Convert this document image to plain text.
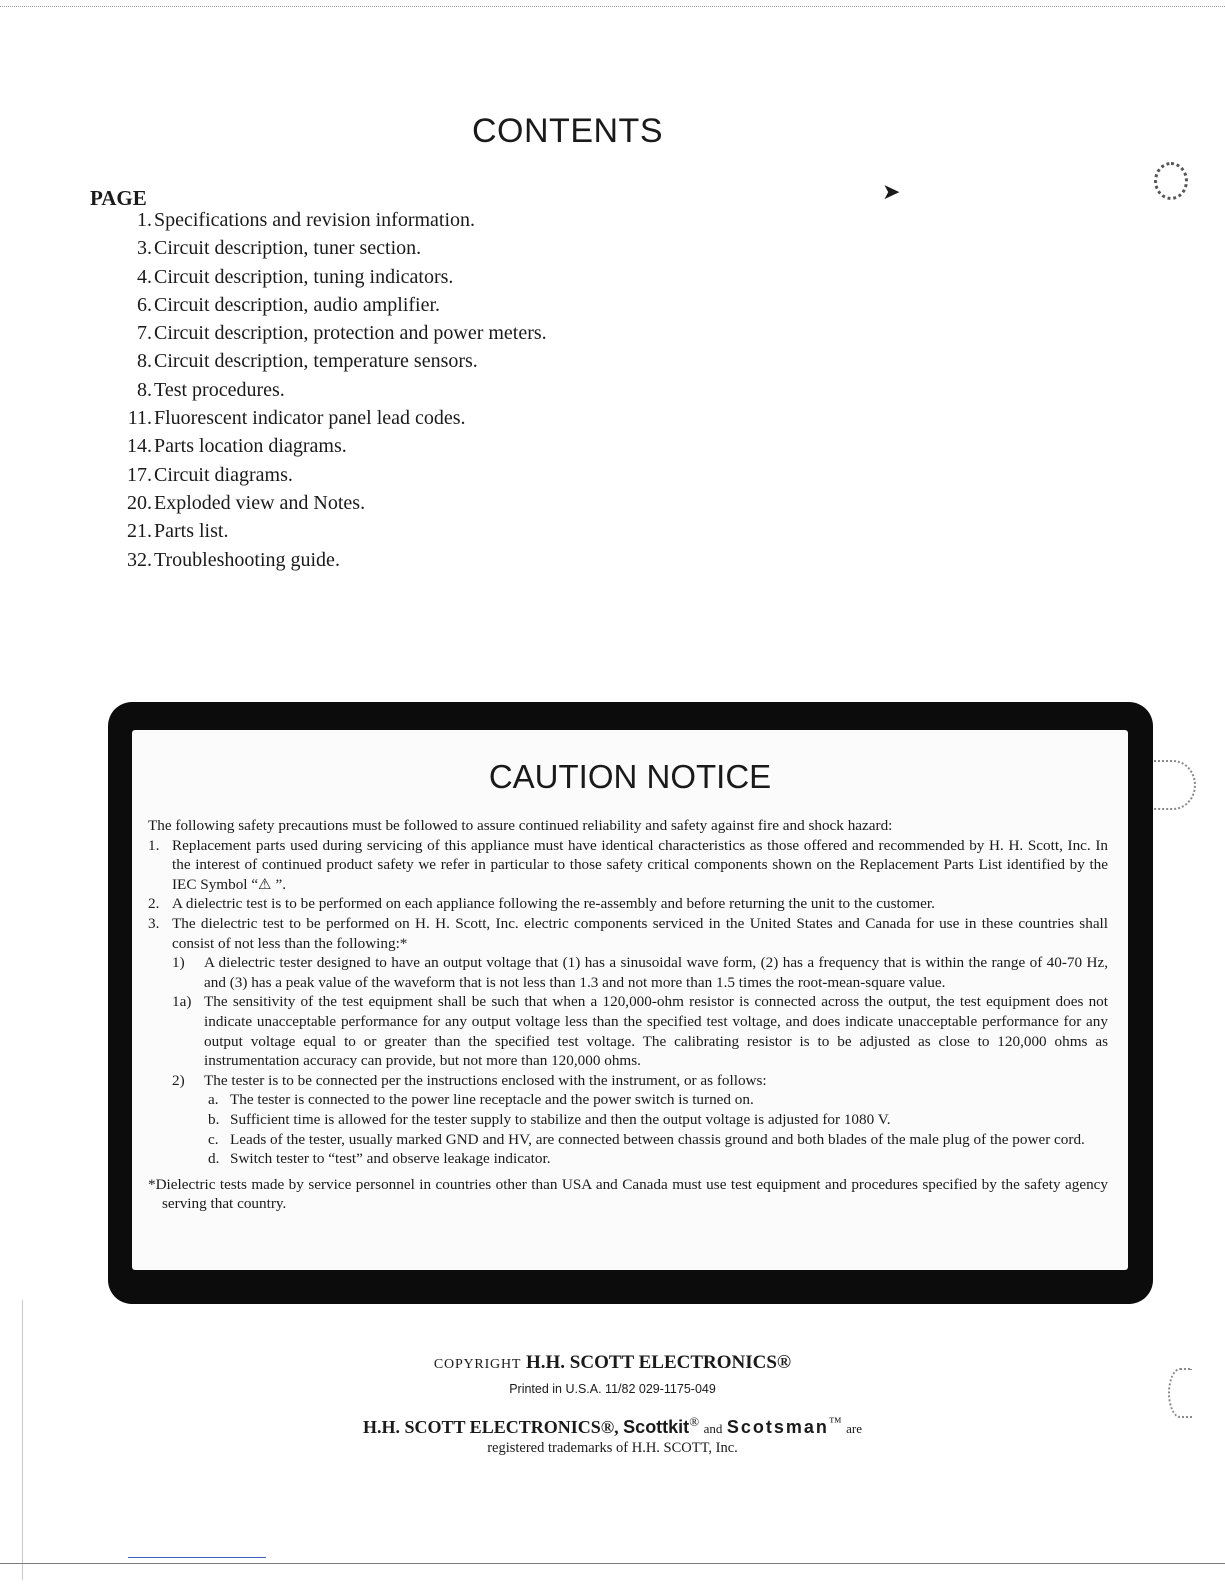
➤
CONTENTS
PAGE
1. Specifications and revision information.
3. Circuit description, tuner section.
4. Circuit description, tuning indicators.
6. Circuit description, audio amplifier.
7. Circuit description, protection and power meters.
8. Circuit description, temperature sensors.
8. Test procedures.
11. Fluorescent indicator panel lead codes.
14. Parts location diagrams.
17. Circuit diagrams.
20. Exploded view and Notes.
21. Parts list.
32. Troubleshooting guide.
CAUTION NOTICE

The following safety precautions must be followed to assure continued reliability and safety against fire and shock hazard:

1. Replacement parts used during servicing of this appliance must have identical characteristics as those offered and recommended by H. H. Scott, Inc. In the interest of continued product safety we refer in particular to those safety critical components shown on the Replacement Parts List identified by the IEC Symbol “⚠ ”.

2. A dielectric test is to be performed on each appliance following the re-assembly and before returning the unit to the customer.

3. The dielectric test to be performed on H. H. Scott, Inc. electric components serviced in the United States and Canada for use in these countries shall consist of not less than the following:*

1) A dielectric tester designed to have an output voltage that (1) has a sinusoidal wave form, (2) has a frequency that is within the range of 40-70 Hz, and (3) has a peak value of the waveform that is not less than 1.3 and not more than 1.5 times the root-mean-square value.

1a) The sensitivity of the test equipment shall be such that when a 120,000-ohm resistor is connected across the output, the test equipment does not indicate unacceptable performance for any output voltage less than the specified test voltage, and does indicate unacceptable performance for any output voltage equal to or greater than the specified test voltage. The calibrating resistor is to be adjusted as close to 120,000 ohms as instrumentation accuracy can provide, but not more than 120,000 ohms.

2) The tester is to be connected per the instructions enclosed with the instrument, or as follows:

a. The tester is connected to the power line receptacle and the power switch is turned on.

b. Sufficient time is allowed for the tester supply to stabilize and then the output voltage is adjusted for 1080 V.

c. Leads of the tester, usually marked GND and HV, are connected between chassis ground and both blades of the male plug of the power cord.

d. Switch tester to “test” and observe leakage indicator.

*Dielectric tests made by service personnel in countries other than USA and Canada must use test equipment and procedures specified by the safety agency serving that country.

COPYRIGHT H.H. SCOTT ELECTRONICS®
Printed in U.S.A. 11/82 029-1175-049
H.H. SCOTT ELECTRONICS®, Scottkit® and Scotsman™ are
registered trademarks of H.H. SCOTT, Inc.
